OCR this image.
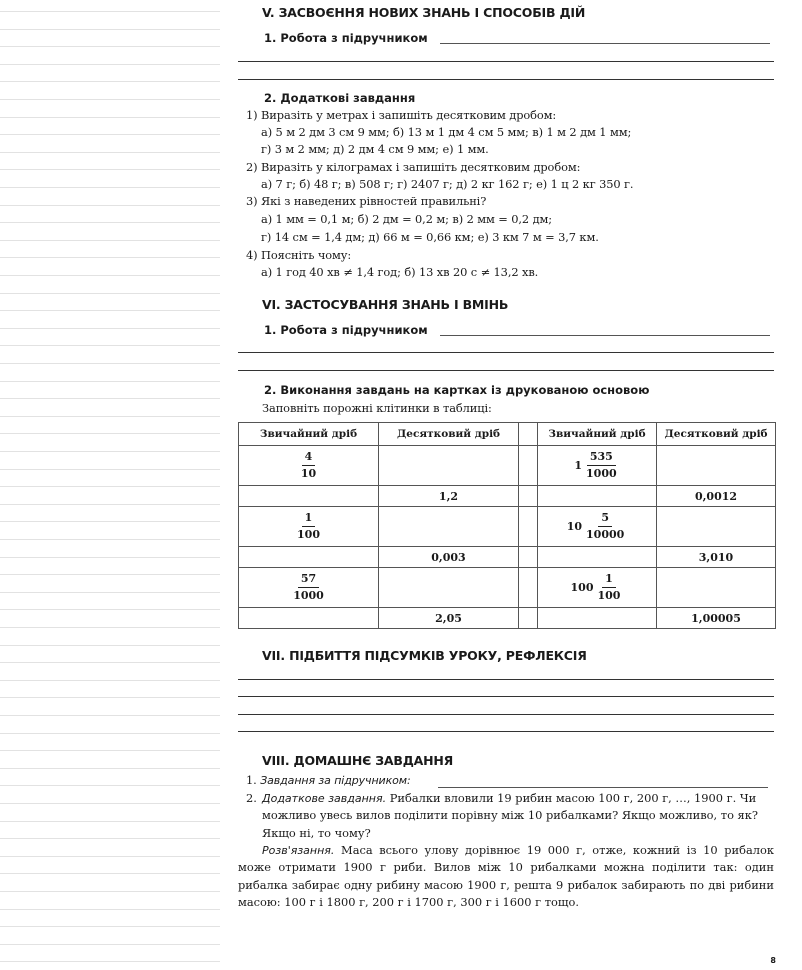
V. ЗАСВОЄННЯ НОВИХ ЗНАНЬ І СПОСОБІВ ДІЙ
1. Робота з підручником
2. Додаткові завдання
1) Виразіть у метрах і запишіть десятковим дробом:
а) 5 м 2 дм 3 см 9 мм; б) 13 м 1 дм 4 см 5 мм; в) 1 м 2 дм 1 мм;
г) 3 м 2 мм; д) 2 дм 4 см 9 мм; е) 1 мм.
2) Виразіть у кілограмах і запишіть десятковим дробом:
а) 7 г; б) 48 г; в) 508 г; г) 2407 г; д) 2 кг 162 г; е) 1 ц 2 кг 350 г.
3) Які з наведених рівностей правильні?
а) 1 мм = 0,1 м; б) 2 дм = 0,2 м; в) 2 мм = 0,2 дм;
г) 14 см = 1,4 дм; д) 66 м = 0,66 км; е) 3 км 7 м = 3,7 км.
4) Поясніть чому:
а) 1 год 40 хв ≠ 1,4 год; б) 13 хв 20 с ≠ 13,2 хв.
VI. ЗАСТОСУВАННЯ ЗНАНЬ І ВМІНЬ
1. Робота з підручником
2. Виконання завдань на картках із друкованою основою
Заповніть порожні клітинки в таблиці:
Звичайний дріб	Десятковий дріб		Звичайний дріб	Десятковий дріб

$\frac{4}{10}$			$1 \frac{535}{1000}$

	1,2			0,0012

$\frac{1}{100}$			$10 \frac{5}{10000}$

	0,003			3,010

$\frac{57}{1000}$			$100 \frac{1}{100}$

	2,05			1,00005
VII. ПІДБИТТЯ ПІДСУМКІВ УРОКУ, РЕФЛЕКСІЯ
VIII. ДОМАШНЄ ЗАВДАННЯ
1. Завдання за підручником:
2. Додаткове завдання. Рибалки вловили 19 рибин масою 100 г, 200 г, …, 1900 г. Чи можливо увесь вилов поділити порівну між 10 рибалками? Якщо можливо, то як? Якщо ні, то чому?
Розв'язання. Маса всього улову дорівнює 19 000 г, отже, кожний із 10 рибалок може отримати 1900 г риби. Вилов між 10 рибалками можна поділити так: один рибалка забирає одну рибину масою 1900 г, решта 9 рибалок забирають по дві рибини масою: 100 г і 1800 г, 200 г і 1700 г, 300 г і 1600 г тощо.
8
